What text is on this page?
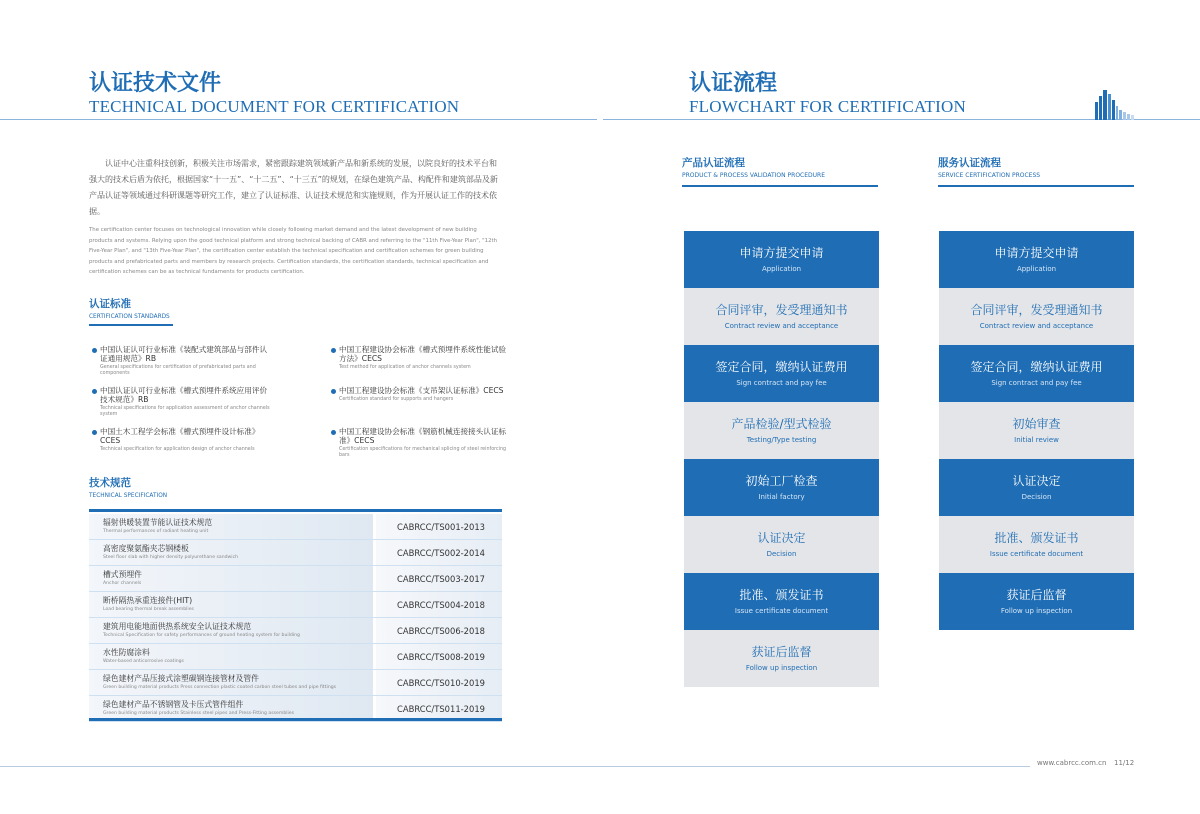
认证技术文件
TECHNICAL DOCUMENT FOR CERTIFICATION
认证中心注重科技创新，积极关注市场需求，紧密跟踪建筑领域新产品和新系统的发展，以院良好的技术平台和强大的技术后盾为依托，根据国家“十一五”、“十二五”、“十三五”的规划，在绿色建筑产品、构配件和建筑部品及新产品认证等领域通过科研课题等研究工作，建立了认证标准、认证技术规范和实施规则，作为开展认证工作的技术依据。
The certification center focuses on technological innovation while closely following market demand and the latest development of new building products and systems. Relying upon the good technical platform and strong technical backing of CABR and referring to the "11th Five-Year Plan", "12th Five-Year Plan", and "13th Five-Year Plan", the certification center establish the technical specification and certification schemes for green building products and prefabricated parts and members by research projects. Certification standards, the certification standards, technical specification and certification schemes can be as technical fundaments for products certification.
认证标准
CERTIFICATION STANDARDS
中国认证认可行业标准《装配式建筑部品与部件认证通用规范》RB
General specifications for certification of prefabricated parts and components
中国工程建设协会标准《槽式预埋件系统性能试验方法》CECS
Test method for application of anchor channels system
中国认证认可行业标准《槽式预埋件系统应用评价技术规范》RB
Technical specifications for application assessment of anchor channels system
中国工程建设协会标准《支吊架认证标准》CECS
Certification standard for supports and hangers
中国土木工程学会标准《槽式预埋件设计标准》CCES
Technical specification for application design of anchor channels
中国工程建设协会标准《钢筋机械连接接头认证标准》CECS
Certification specifications for mechanical splicing of steel reinforcing bars
技术规范
TECHNICAL SPECIFICATION
辐射供暖装置节能认证技术规范
Thermal performances of radiant heating unit	CABRCC/TS001-2013
高密度聚氨酯夹芯钢楼板
Steel floor slab with higher density polyurethane sandwich	CABRCC/TS002-2014
槽式预埋件
Anchor channels	CABRCC/TS003-2017
断桥隔热承重连接件(HIT)
Load bearing thermal break assemblies	CABRCC/TS004-2018
建筑用电能地面供热系统安全认证技术规范
Technical Specification for safety performances of ground heating system for building	CABRCC/TS006-2018
水性防腐涂料
Water-based anticorrosive coatings	CABRCC/TS008-2019
绿色建材产品压接式涂塑碳钢连接管材及管件
Green building material products Press connection plastic coated carbon steel tubes and pipe fittings	CABRCC/TS010-2019
绿色建材产品不锈钢管及卡压式管件组件
Green building material products Stainless steel pipes and Press-Fitting assemblies	CABRCC/TS011-2019
认证流程
FLOWCHART FOR CERTIFICATION
产品认证流程
PRODUCT & PROCESS VALIDATION PROCEDURE
申请方提交申请
Application
合同评审，发受理通知书
Contract review and acceptance
签定合同，缴纳认证费用
Sign contract and pay fee
产品检验/型式检验
Testing/Type testing
初始工厂检查
Initial factory
认证决定
Decision
批准、颁发证书
Issue certificate document
获证后监督
Follow up inspection
服务认证流程
SERVICE CERTIFICATION PROCESS
申请方提交申请
Application
合同评审，发受理通知书
Contract review and acceptance
签定合同，缴纳认证费用
Sign contract and pay fee
初始审查
Initial review
认证决定
Decision
批准、颁发证书
Issue certificate document
获证后监督
Follow up inspection
www.cabrcc.com.cn 11/12
